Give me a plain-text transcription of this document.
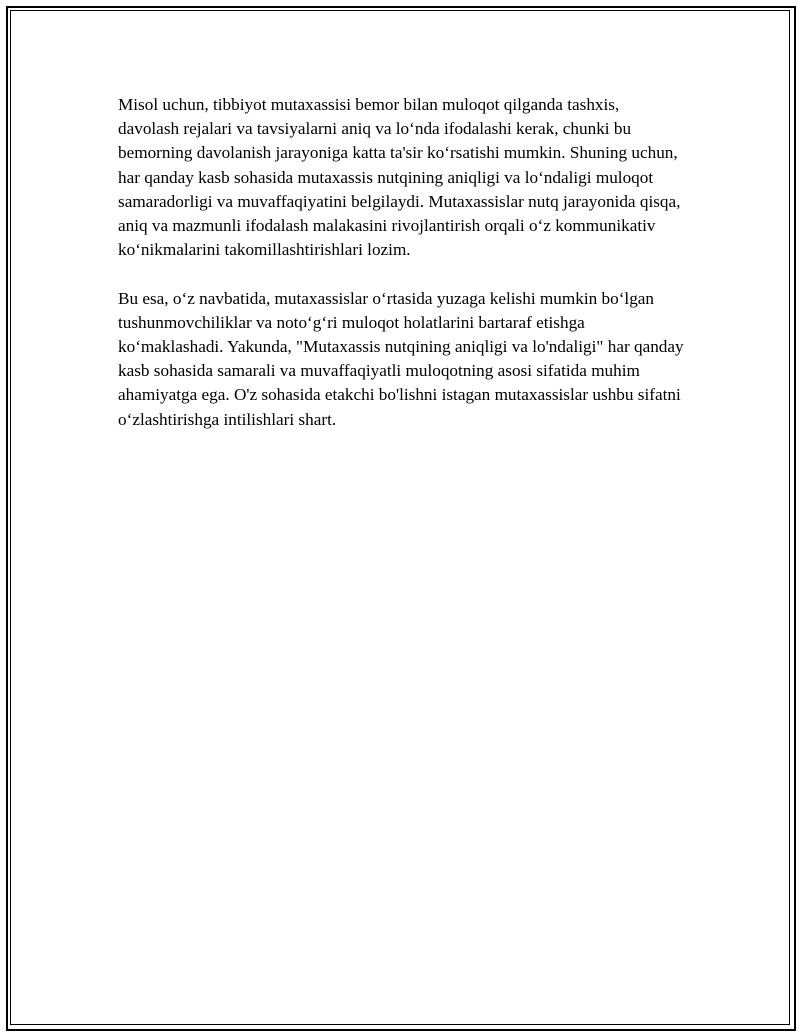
Misol uchun, tibbiyot mutaxassisi bemor bilan muloqot qilganda tashxis, davolash rejalari va tavsiyalarni aniq va lo‘nda ifodalashi kerak, chunki bu bemorning davolanish jarayoniga katta ta'sir ko‘rsatishi mumkin. Shuning uchun, har qanday kasb sohasida mutaxassis nutqining aniqligi va lo‘ndaligi muloqot samaradorligi va muvaffaqiyatini belgilaydi. Mutaxassislar nutq jarayonida qisqa, aniq va mazmunli ifodalash malakasini rivojlantirish orqali o‘z kommunikativ ko‘nikmalarini takomillashtirishlari lozim.

Bu esa, o‘z navbatida, mutaxassislar o‘rtasida yuzaga kelishi mumkin bo‘lgan tushunmovchiliklar va noto‘g‘ri muloqot holatlarini bartaraf etishga ko‘maklashadi. Yakunda, "Mutaxassis nutqining aniqligi va lo'ndaligi" har qanday kasb sohasida samarali va muvaffaqiyatli muloqotning asosi sifatida muhim ahamiyatga ega. O'z sohasida etakchi bo'lishni istagan mutaxassislar ushbu sifatni o‘zlashtirishga intilishlari shart.
